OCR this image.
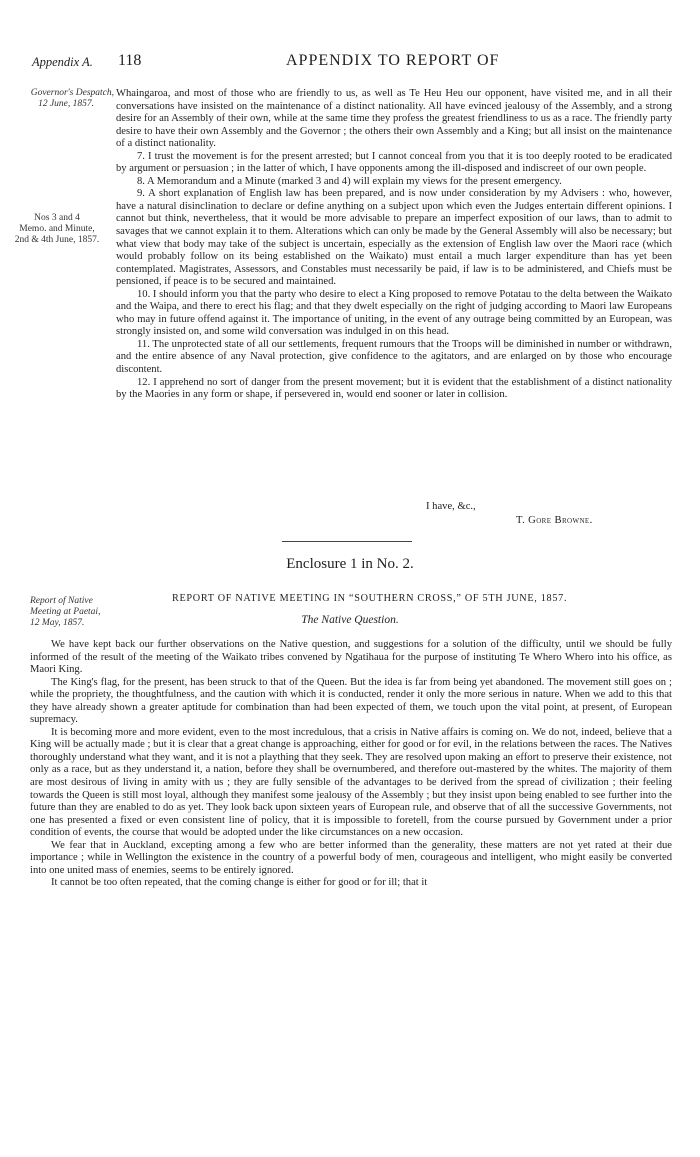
Appendix A. 118	APPENDIX TO REPORT OF
Governor's Despatch,
12 June, 1857.
Nos 3 and 4
Memo. and Minute,
2nd & 4th June, 1857.

Whaingaroa, and most of those who are friendly to us, as well as Te Heu Heu our opponent, have visited me, and in all their conversations have insisted on the maintenance of a distinct nationality. All have evinced jealousy of the Assembly, and a strong desire for an Assembly of their own, while at the same time they profess the greatest friendliness to us as a race. The friendly party desire to have their own Assembly and the Governor ; the others their own Assembly and a King; but all insist on the maintenance of a distinct nationality.

7. I trust the movement is for the present arrested; but I cannot conceal from you that it is too deeply rooted to be eradicated by argument or persuasion ; in the latter of which, I have opponents among the ill-disposed and indiscreet of our own people.

8. A Memorandum and a Minute (marked 3 and 4) will explain my views for the present emergency.

9. A short explanation of English law has been prepared, and is now under consideration by my Advisers : who, however, have a natural disinclination to declare or define anything on a subject upon which even the Judges entertain different opinions. I cannot but think, nevertheless, that it would be more advisable to prepare an imperfect exposition of our laws, than to admit to savages that we cannot explain it to them. Alterations which can only be made by the General Assembly will also be necessary; but what view that body may take of the subject is uncertain, especially as the extension of English law over the Maori race (which would probably follow on its being established on the Waikato) must entail a much larger expenditure than has yet been contemplated. Magistrates, Assessors, and Constables must necessarily be paid, if law is to be administered, and Chiefs must be pensioned, if peace is to be secured and maintained.

10. I should inform you that the party who desire to elect a King proposed to remove Potatau to the delta between the Waikato and the Waipa, and there to erect his flag; and that they dwelt especially on the right of judging according to Maori law Europeans who may in future offend against it. The importance of uniting, in the event of any outrage being committed by an European, was strongly insisted on, and some wild conversation was indulged in on this head.

11. The unprotected state of all our settlements, frequent rumours that the Troops will be diminished in number or withdrawn, and the entire absence of any Naval protection, give confidence to the agitators, and are enlarged on by those who encourage discontent.

12. I apprehend no sort of danger from the present movement; but it is evident that the establishment of a distinct nationality by the Maories in any form or shape, if persevered in, would end sooner or later in collision.

I have, &c.,
T. Gore Browne.
Enclosure 1 in No. 2.
Report of Native
Meeting at Paetai,
12 May, 1857.
REPORT OF NATIVE MEETING IN “SOUTHERN CROSS,” OF 5TH JUNE, 1857.
The Native Question.

We have kept back our further observations on the Native question, and suggestions for a solution of the difficulty, until we should be fully informed of the result of the meeting of the Waikato tribes convened by Ngatihaua for the purpose of instituting Te Whero Whero into his office, as Maori King.

The King's flag, for the present, has been struck to that of the Queen. But the idea is far from being yet abandoned. The movement still goes on ; while the propriety, the thoughtfulness, and the caution with which it is conducted, render it only the more serious in nature. When we add to this that they have already shown a greater aptitude for combination than had been expected of them, we touch upon the vital point, at present, of European supremacy.

It is becoming more and more evident, even to the most incredulous, that a crisis in Native affairs is coming on. We do not, indeed, believe that a King will be actually made ; but it is clear that a great change is approaching, either for good or for evil, in the relations between the races. The Natives thoroughly understand what they want, and it is not a plaything that they seek. They are resolved upon making an effort to preserve their existence, not only as a race, but as they understand it, a nation, before they shall be overnumbered, and therefore out-mastered by the whites. The majority of them are most desirous of living in amity with us ; they are fully sensible of the advantages to be derived from the spread of civilization ; their feeling towards the Queen is still most loyal, although they manifest some jealousy of the Assembly ; but they insist upon being enabled to see further into the future than they are enabled to do as yet. They look back upon sixteen years of European rule, and observe that of all the successive Governments, not one has presented a fixed or even consistent line of policy, that it is impossible to foretell, from the course pursued by Government under a prior condition of events, the course that would be adopted under the like circumstances on a new occasion.

We fear that in Auckland, excepting among a few who are better informed than the generality, these matters are not yet rated at their due importance ; while in Wellington the existence in the country of a powerful body of men, courageous and intelligent, who might easily be converted into one united mass of enemies, seems to be entirely ignored.

It cannot be too often repeated, that the coming change is either for good or for ill; that it
